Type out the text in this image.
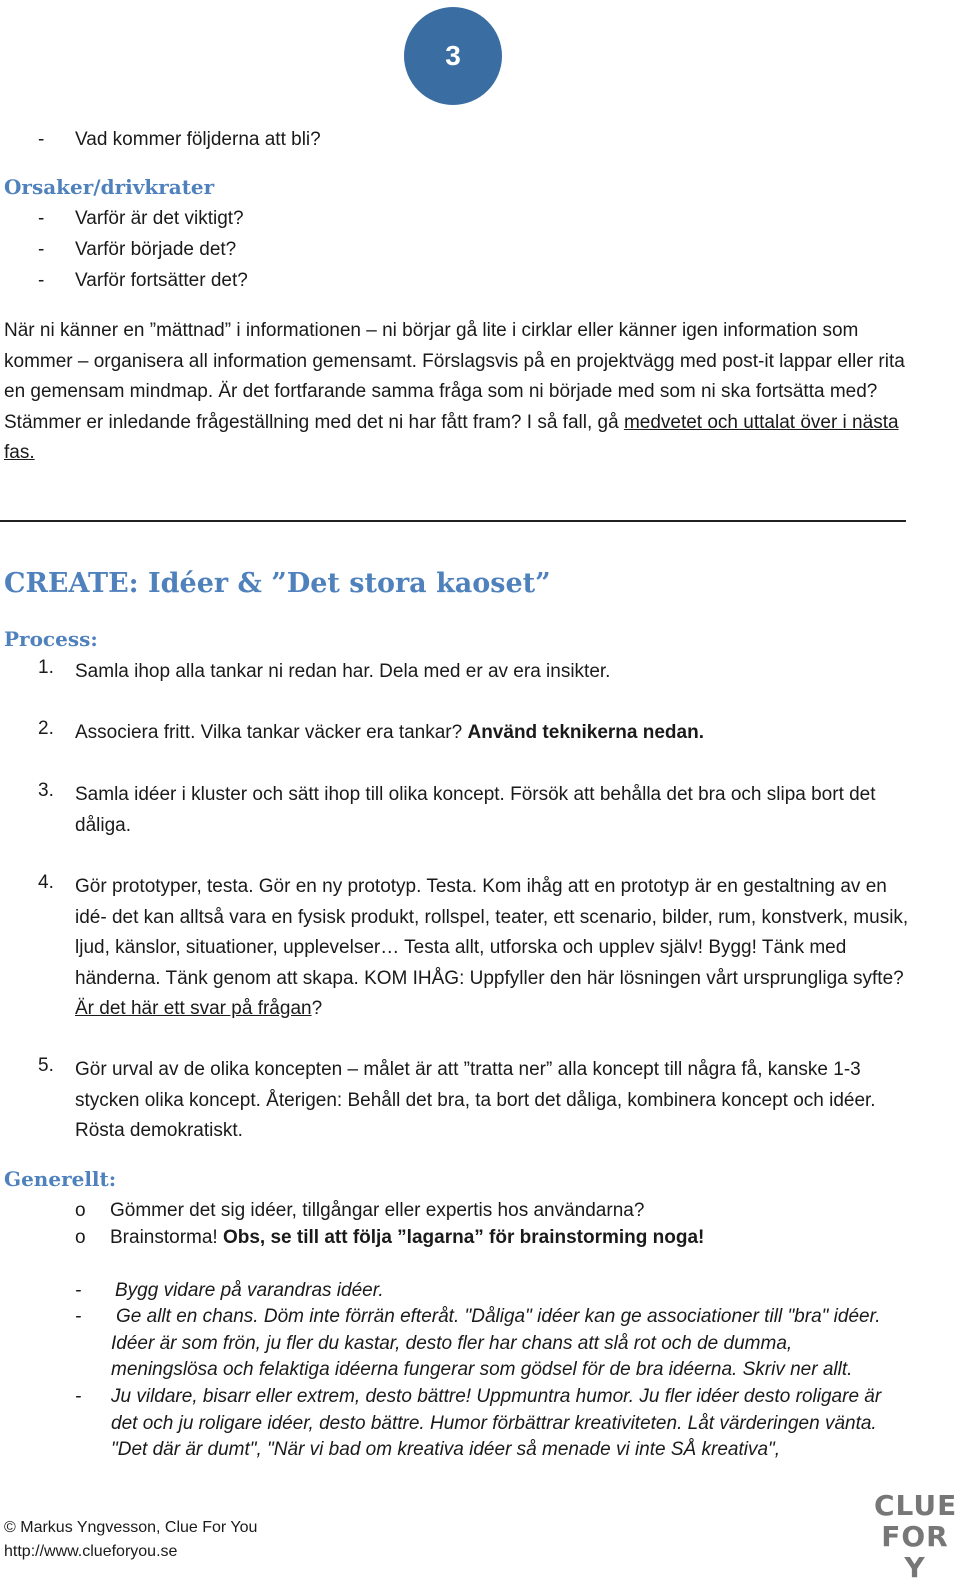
3
- Vad kommer följderna att bli?
Orsaker/drivkrater
- Varför är det viktigt?
- Varför började det?
- Varför fortsätter det?
När ni känner en ”mättnad” i informationen – ni börjar gå lite i cirklar eller känner igen information som kommer – organisera all information gemensamt. Förslagsvis på en projektvägg med post-it lappar eller rita en gemensam mindmap. Är det fortfarande samma fråga som ni började med som ni ska fortsätta med? Stämmer er inledande frågeställning med det ni har fått fram? I så fall, gå medvetet och uttalat över i nästa fas.
CREATE: Idéer & ”Det stora kaoset”
Process:
1. Samla ihop alla tankar ni redan har. Dela med er av era insikter.
2. Associera fritt. Vilka tankar väcker era tankar? Använd teknikerna nedan.
3. Samla idéer i kluster och sätt ihop till olika koncept. Försök att behålla det bra och slipa bort det dåliga.
4. Gör prototyper, testa. Gör en ny prototyp. Testa. Kom ihåg att en prototyp är en gestaltning av en idé- det kan alltså vara en fysisk produkt, rollspel, teater, ett scenario, bilder, rum, konstverk, musik, ljud, känslor, situationer, upplevelser… Testa allt, utforska och upplev själv! Bygg! Tänk med händerna. Tänk genom att skapa. KOM IHÅG: Uppfyller den här lösningen vårt ursprungliga syfte? Är det här ett svar på frågan?
5. Gör urval av de olika koncepten – målet är att ”tratta ner” alla koncept till några få, kanske 1-3 stycken olika koncept. Återigen: Behåll det bra, ta bort det dåliga, kombinera koncept och idéer. Rösta demokratiskt.
Generellt:
o Gömmer det sig idéer, tillgångar eller expertis hos användarna?
o Brainstorma! Obs, se till att följa ”lagarna” för brainstorming noga!
- Bygg vidare på varandras idéer.
- Ge allt en chans. Döm inte förrän efteråt. "Dåliga" idéer kan ge associationer till "bra" idéer. Idéer är som frön, ju fler du kastar, desto fler har chans att slå rot och de dumma, meningslösa och felaktiga idéerna fungerar som gödsel för de bra idéerna. Skriv ner allt.
- Ju vildare, bisarr eller extrem, desto bättre! Uppmuntra humor. Ju fler idéer desto roligare är det och ju roligare idéer, desto bättre. Humor förbättrar kreativiteten. Låt värderingen vänta. "Det där är dumt", "När vi bad om kreativa idéer så menade vi inte SÅ kreativa",
© Markus Yngvesson, Clue For You
http://www.clueforyou.se
CLUE
FOR
Y
